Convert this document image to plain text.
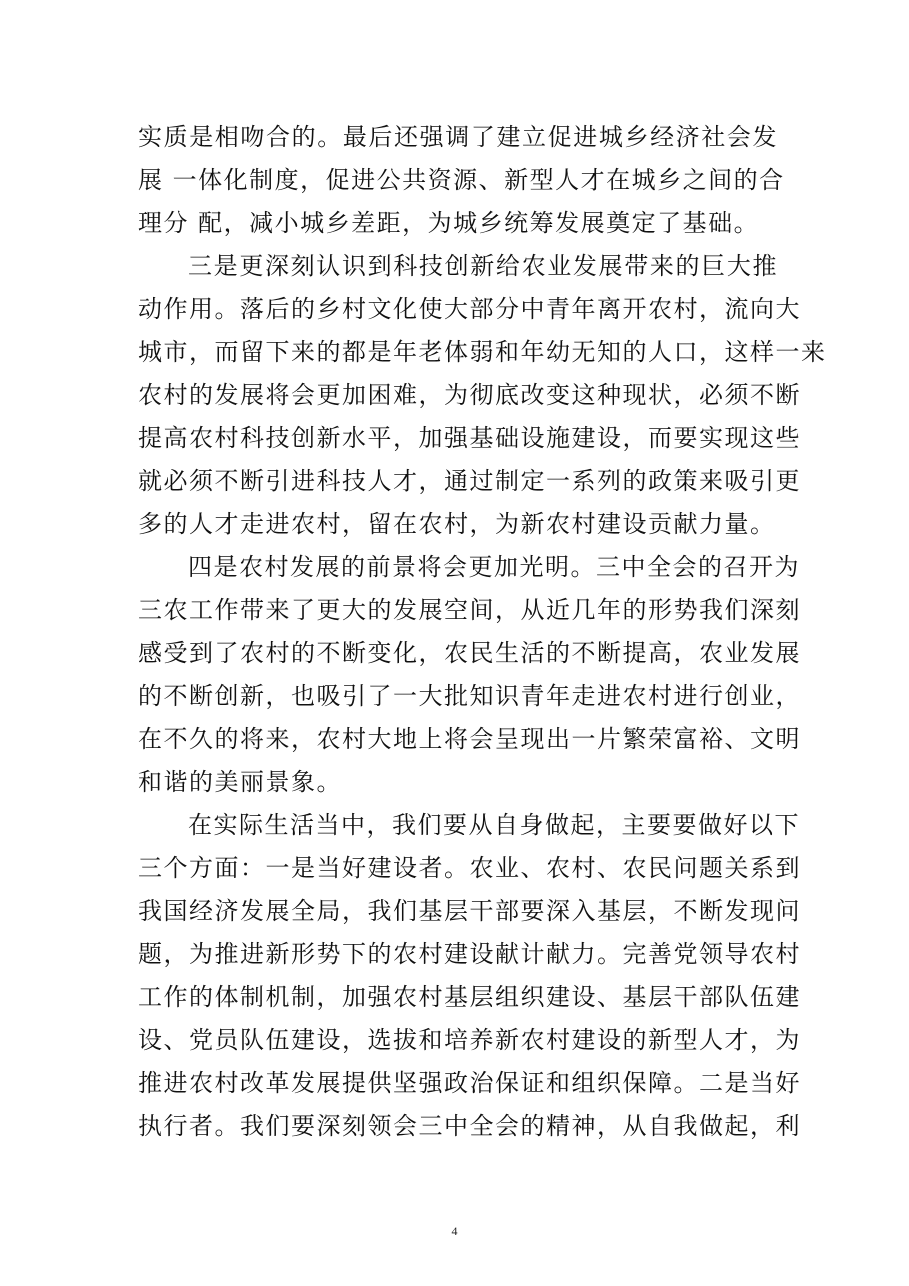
实质是相吻合的。最后还强调了建立促进城乡经济社会发
展 一体化制度，促进公共资源、新型人才在城乡之间的合
理分 配，减小城乡差距，为城乡统筹发展奠定了基础。
三是更深刻认识到科技创新给农业发展带来的巨大推
动作用。落后的乡村文化使大部分中青年离开农村，流向大
城市，而留下来的都是年老体弱和年幼无知的人口，这样一来
农村的发展将会更加困难，为彻底改变这种现状，必须不断
提高农村科技创新水平，加强基础设施建设，而要实现这些
就必须不断引进科技人才，通过制定一系列的政策来吸引更
多的人才走进农村，留在农村，为新农村建设贡献力量。
四是农村发展的前景将会更加光明。三中全会的召开为
三农工作带来了更大的发展空间，从近几年的形势我们深刻
感受到了农村的不断变化，农民生活的不断提高，农业发展
的不断创新，也吸引了一大批知识青年走进农村进行创业，
在不久的将来，农村大地上将会呈现出一片繁荣富裕、文明
和谐的美丽景象。
在实际生活当中，我们要从自身做起，主要要做好以下
三个方面：一是当好建设者。农业、农村、农民问题关系到
我国经济发展全局，我们基层干部要深入基层，不断发现问
题，为推进新形势下的农村建设献计献力。完善党领导农村
工作的体制机制，加强农村基层组织建设、基层干部队伍建
设、党员队伍建设，选拔和培养新农村建设的新型人才，为
推进农村改革发展提供坚强政治保证和组织保障。二是当好
执行者。我们要深刻领会三中全会的精神，从自我做起，利
4
